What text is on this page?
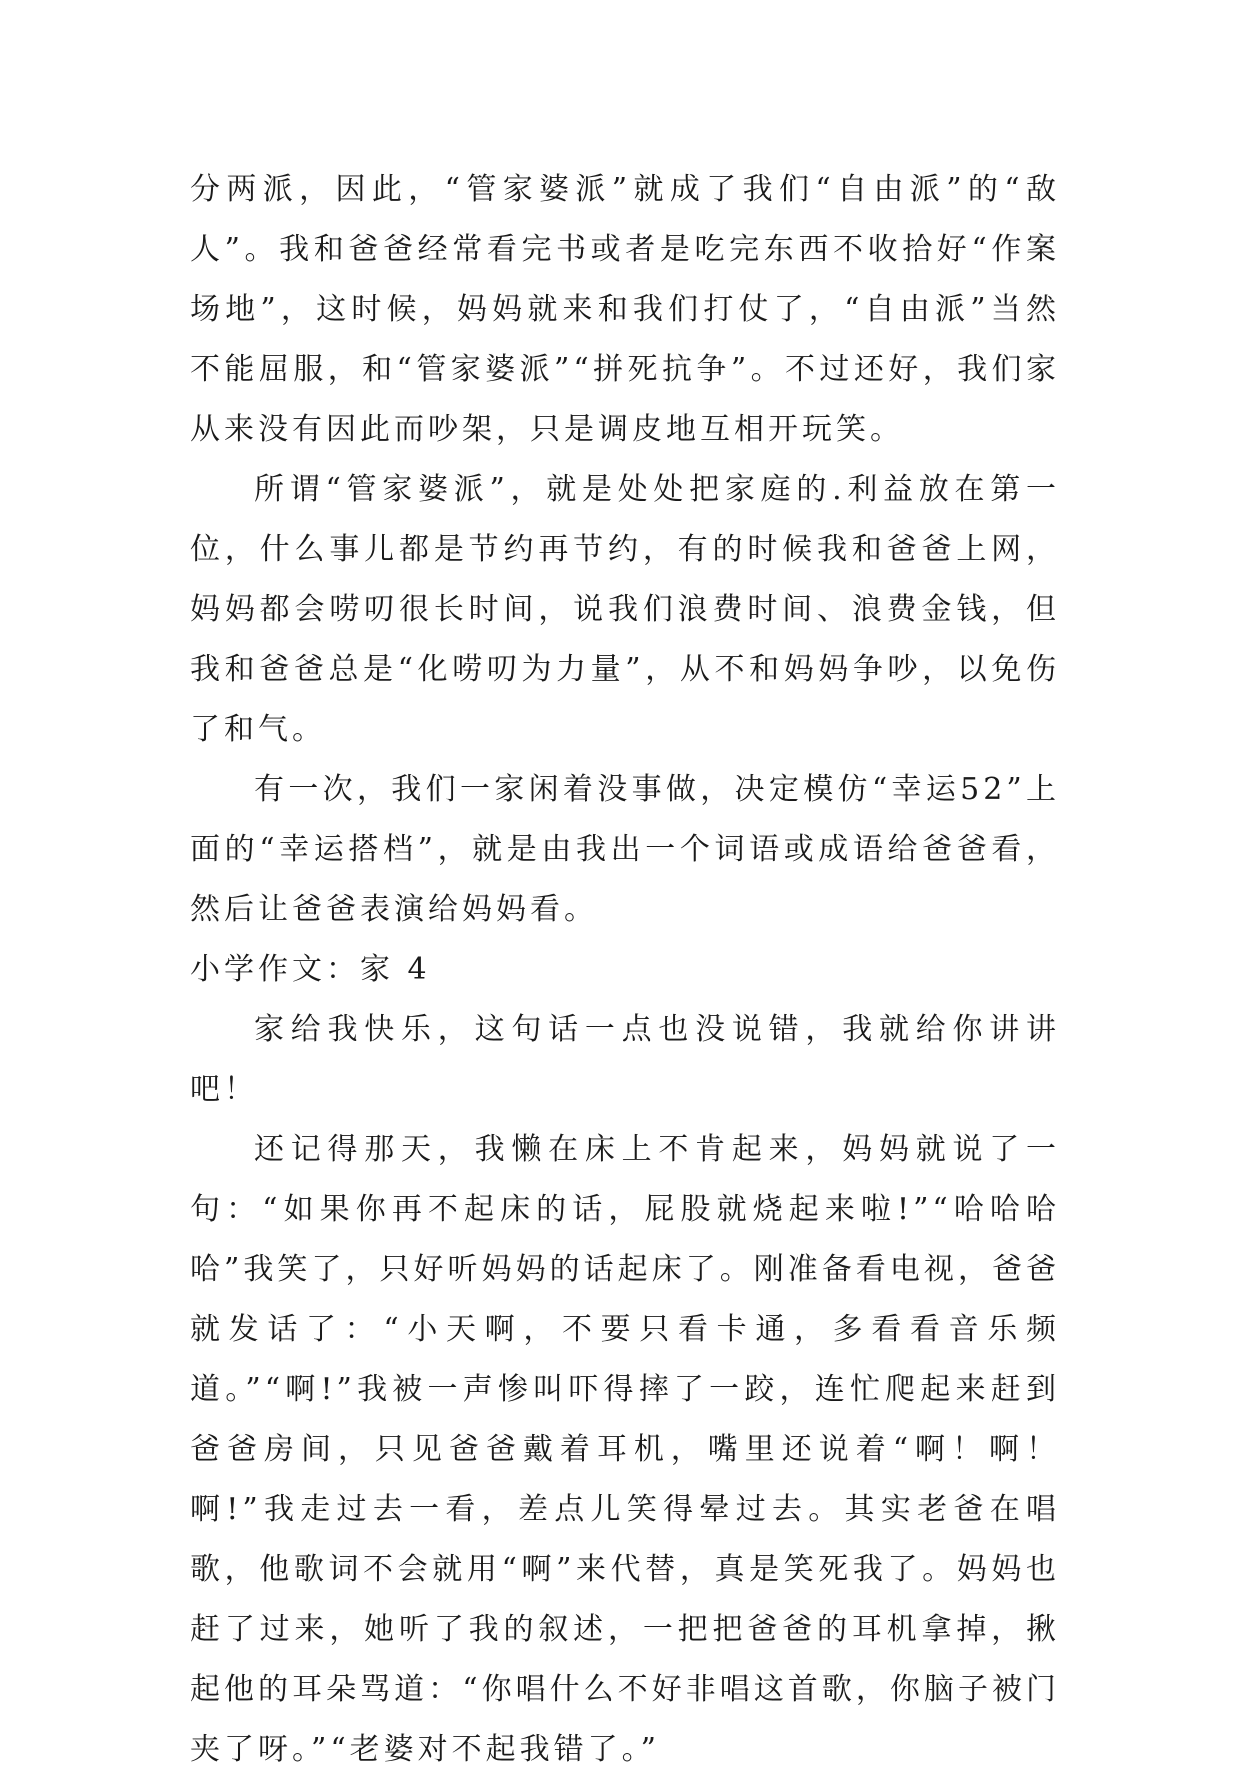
分两派，因此，“管家婆派”就成了我们“自由派”的“敌人”。我和爸爸经常看完书或者是吃完东西不收拾好“作案场地”，这时候，妈妈就来和我们打仗了，“自由派”当然不能屈服，和“管家婆派”“拼死抗争”。不过还好，我们家从来没有因此而吵架，只是调皮地互相开玩笑。

所谓“管家婆派”，就是处处把家庭的.利益放在第一位，什么事儿都是节约再节约，有的时候我和爸爸上网，妈妈都会唠叨很长时间，说我们浪费时间、浪费金钱，但我和爸爸总是“化唠叨为力量”，从不和妈妈争吵，以免伤了和气。

有一次，我们一家闲着没事做，决定模仿“幸运52”上面的“幸运搭档”，就是由我出一个词语或成语给爸爸看，然后让爸爸表演给妈妈看。

小学作文：家 4

家给我快乐，这句话一点也没说错，我就给你讲讲吧！

还记得那天，我懒在床上不肯起来，妈妈就说了一句：“如果你再不起床的话，屁股就烧起来啦!”“哈哈哈哈”我笑了，只好听妈妈的话起床了。刚准备看电视，爸爸就发话了：“小天啊，不要只看卡通，多看看音乐频道。”“啊!”我被一声惨叫吓得摔了一跤，连忙爬起来赶到爸爸房间，只见爸爸戴着耳机，嘴里还说着“啊！啊！啊!”我走过去一看，差点儿笑得晕过去。其实老爸在唱歌，他歌词不会就用“啊”来代替，真是笑死我了。妈妈也赶了过来，她听了我的叙述，一把把爸爸的耳机拿掉，揪起他的耳朵骂道：“你唱什么不好非唱这首歌，你脑子被门夹了呀。”“老婆对不起我错了。”
